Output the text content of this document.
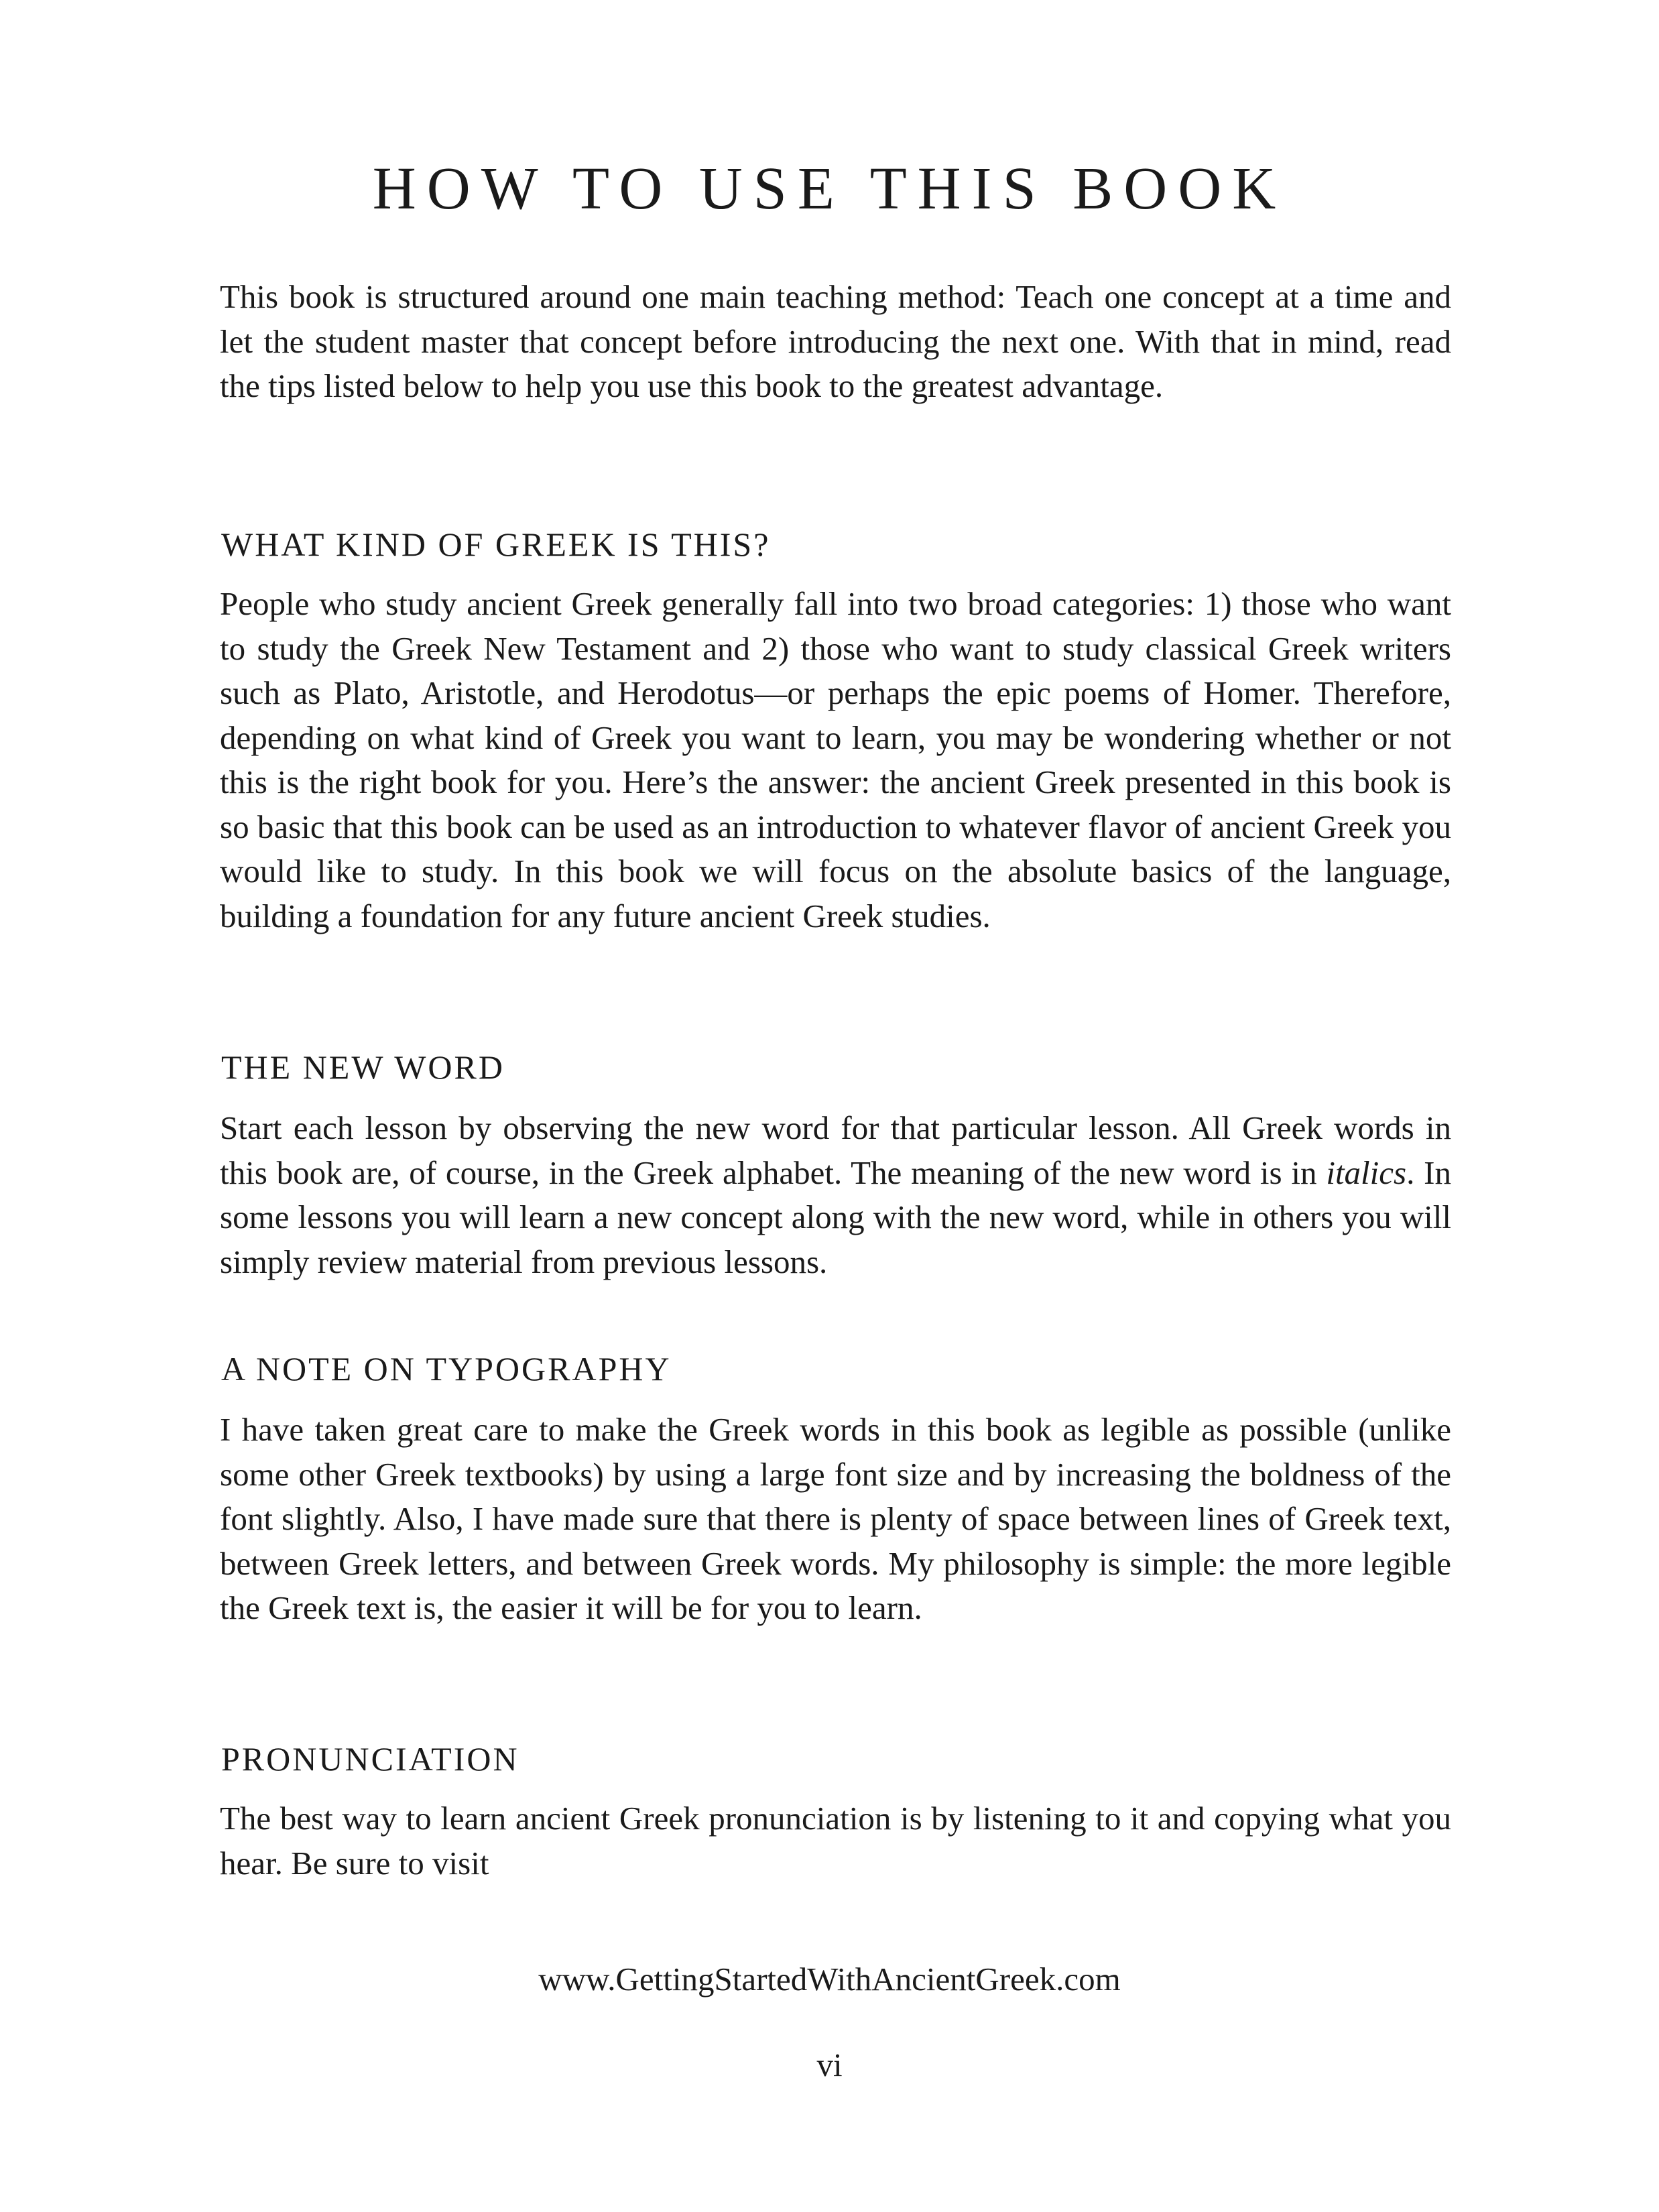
HOW TO USE THIS BOOK

This book is structured around one main teaching method: Teach one concept at a time and let the student master that concept before introducing the next one. With that in mind, read the tips listed below to help you use this book to the greatest advantage.

WHAT KIND OF GREEK IS THIS?

People who study ancient Greek generally fall into two broad categories: 1) those who want to study the Greek New Testament and 2) those who want to study classical Greek writers such as Plato, Aristotle, and Herodotus—or perhaps the epic poems of Homer. Therefore, depending on what kind of Greek you want to learn, you may be wondering whether or not this is the right book for you. Here’s the answer: the ancient Greek presented in this book is so basic that this book can be used as an introduction to whatever flavor of ancient Greek you would like to study. In this book we will focus on the absolute basics of the language, building a foundation for any future ancient Greek studies.

THE NEW WORD

Start each lesson by observing the new word for that particular lesson. All Greek words in this book are, of course, in the Greek alphabet. The meaning of the new word is in italics. In some lessons you will learn a new concept along with the new word, while in others you will simply review material from previous lessons.

A NOTE ON TYPOGRAPHY

I have taken great care to make the Greek words in this book as legible as possible (unlike some other Greek textbooks) by using a large font size and by increasing the boldness of the font slightly. Also, I have made sure that there is plenty of space between lines of Greek text, between Greek letters, and between Greek words. My philosophy is simple: the more legible the Greek text is, the easier it will be for you to learn.

PRONUNCIATION

The best way to learn ancient Greek pronunciation is by listening to it and copying what you hear. Be sure to visit

www.GettingStartedWithAncientGreek.com

vi
